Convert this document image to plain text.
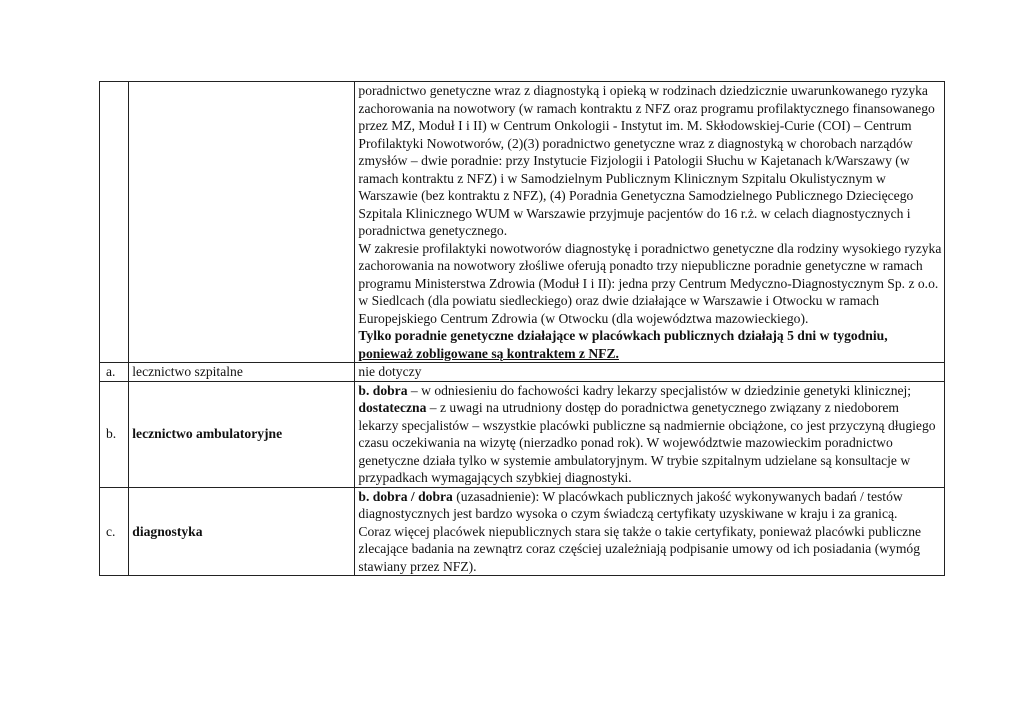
		poradnictwo genetyczne wraz z diagnostyką i opieką w rodzinach dziedzicznie uwarunkowanego ryzyka zachorowania na nowotwory (w ramach kontraktu z NFZ oraz programu profilaktycznego finansowanego przez MZ, Moduł I i II) w Centrum Onkologii - Instytut im. M. Skłodowskiej-Curie (COI) – Centrum Profilaktyki Nowotworów, (2)(3) poradnictwo genetyczne wraz z diagnostyką w chorobach narządów zmysłów – dwie poradnie: przy Instytucie Fizjologii i Patologii Słuchu w Kajetanach k/Warszawy (w ramach kontraktu z NFZ) i w Samodzielnym Publicznym Klinicznym Szpitalu Okulistycznym w Warszawie (bez kontraktu z NFZ), (4) Poradnia Genetyczna Samodzielnego Publicznego Dziecięcego Szpitala Klinicznego WUM w Warszawie przyjmuje pacjentów do 16 r.ż. w celach diagnostycznych i poradnictwa genetycznego.
W zakresie profilaktyki nowotworów diagnostykę i poradnictwo genetyczne dla rodziny wysokiego ryzyka zachorowania na nowotwory złośliwe oferują ponadto trzy niepubliczne poradnie genetyczne w ramach programu Ministerstwa Zdrowia (Moduł I i II): jedna przy Centrum Medyczno-Diagnostycznym Sp. z o.o. w Siedlcach (dla powiatu siedleckiego) oraz dwie działające w Warszawie i Otwocku w ramach Europejskiego Centrum Zdrowia (w Otwocku (dla województwa mazowieckiego).
Tylko poradnie genetyczne działające w placówkach publicznych działają 5 dni w tygodniu, ponieważ zobligowane są kontraktem z NFZ.

a.	lecznictwo szpitalne	nie dotyczy
b.	lecznictwo ambulatoryjne	b. dobra – w odniesieniu do fachowości kadry lekarzy specjalistów w dziedzinie genetyki klinicznej;
dostateczna – z uwagi na utrudniony dostęp do poradnictwa genetycznego związany z niedoborem lekarzy specjalistów – wszystkie placówki publiczne są nadmiernie obciążone, co jest przyczyną długiego czasu oczekiwania na wizytę (nierzadko ponad rok). W województwie mazowieckim poradnictwo genetyczne działa tylko w systemie ambulatoryjnym. W trybie szpitalnym udzielane są konsultacje w przypadkach wymagających szybkiej diagnostyki.

c.	diagnostyka	b. dobra / dobra (uzasadnienie): W placówkach publicznych jakość wykonywanych badań / testów diagnostycznych jest bardzo wysoka o czym świadczą certyfikaty uzyskiwane w kraju i za granicą.
Coraz więcej placówek niepublicznych stara się także o takie certyfikaty, ponieważ placówki publiczne zlecające badania na zewnątrz coraz częściej uzależniają podpisanie umowy od ich posiadania (wymóg stawiany przez NFZ).
